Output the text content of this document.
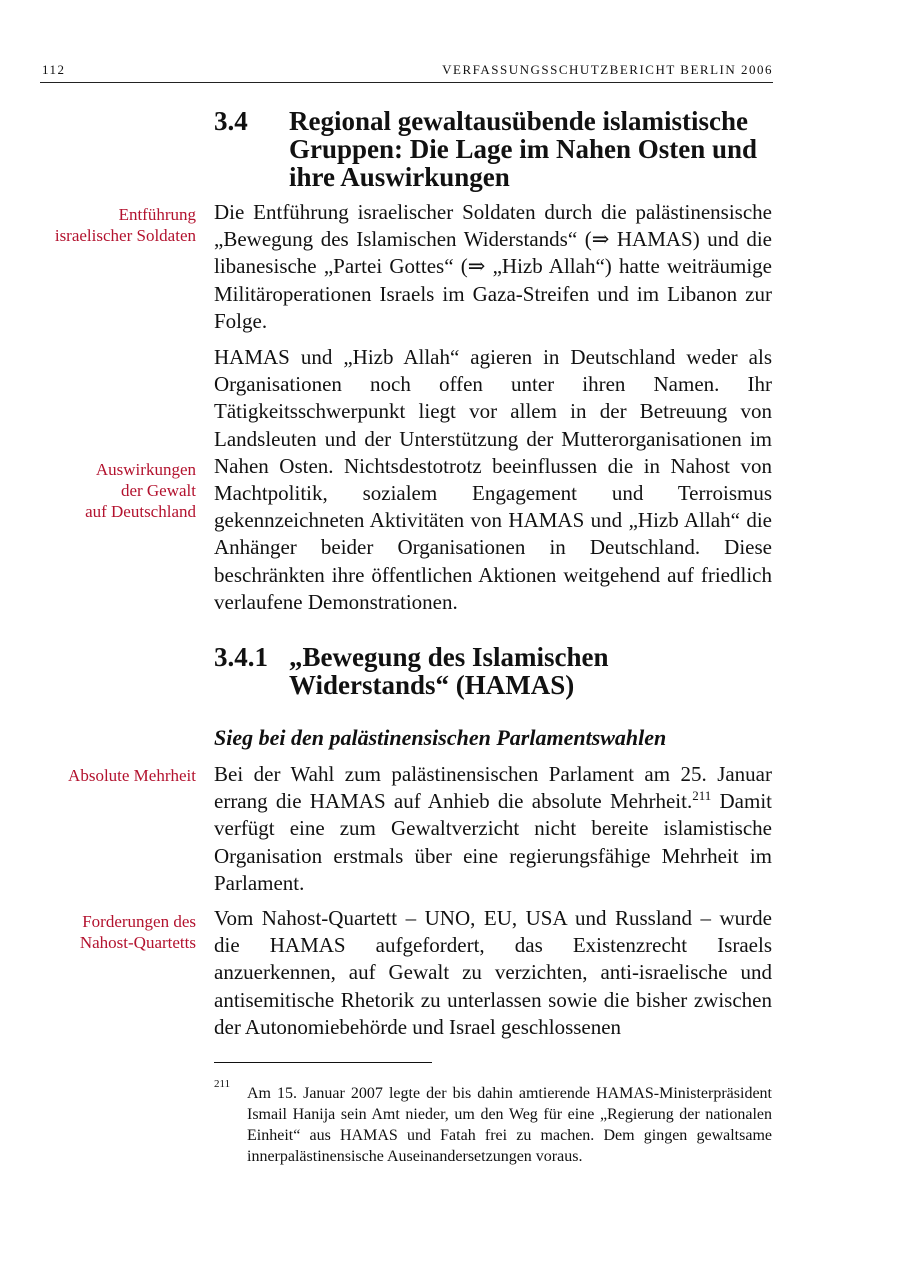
112	VERFASSUNGSSCHUTZBERICHT BERLIN 2006
3.4 Regional gewaltausübende islamistische Gruppen: Die Lage im Nahen Osten und ihre Auswirkungen
Entführung
israelischer Soldaten

Die Entführung israelischer Soldaten durch die palästinensische „Bewegung des Islamischen Widerstands“ (⇒ HAMAS) und die libanesische „Partei Gottes“ (⇒ „Hizb Allah“) hatte weiträumige Militäroperationen Israels im Gaza-Streifen und im Libanon zur Folge.

HAMAS und „Hizb Allah“ agieren in Deutschland weder als Organisationen noch offen unter ihren Namen. Ihr Tätigkeitsschwerpunkt liegt vor allem in der Betreuung von Landsleuten und der Unterstützung der Mutterorganisationen im Nahen Osten. Nichtsdestotrotz beeinflussen die in Nahost von Machtpolitik, sozialem Engagement und Terroismus gekennzeichneten Aktivitäten von HAMAS und „Hizb Allah“ die Anhänger beider Organisationen in Deutschland. Diese beschränkten ihre öffentlichen Aktionen weitgehend auf friedlich verlaufene Demonstrationen.

Auswirkungen
der Gewalt
auf Deutschland
3.4.1 „Bewegung des Islamischen Widerstands“ (HAMAS)
Sieg bei den palästinensischen Parlamentswahlen
Absolute Mehrheit Bei der Wahl zum palästinensischen Parlament am 25. Januar errang die HAMAS auf Anhieb die absolute Mehrheit.$^{211}$ Damit verfügt eine zum Gewaltverzicht nicht bereite islamistische Organisation erstmals über eine regierungsfähige Mehrheit im Parlament.

Forderungen des
Nahost-Quartetts

Vom Nahost-Quartett – UNO, EU, USA und Russland – wurde die HAMAS aufgefordert, das Existenzrecht Israels anzuerkennen, auf Gewalt zu verzichten, anti-israelische und antisemitische Rhetorik zu unterlassen sowie die bisher zwischen der Autonomiebehörde und Israel geschlossenen

211

Am 15. Januar 2007 legte der bis dahin amtierende HAMAS-Ministerpräsident Ismail Hanija sein Amt nieder, um den Weg für eine „Regierung der nationalen Einheit“ aus HAMAS und Fatah frei zu machen. Dem gingen gewaltsame innerpalästinensische Auseinandersetzungen voraus.
